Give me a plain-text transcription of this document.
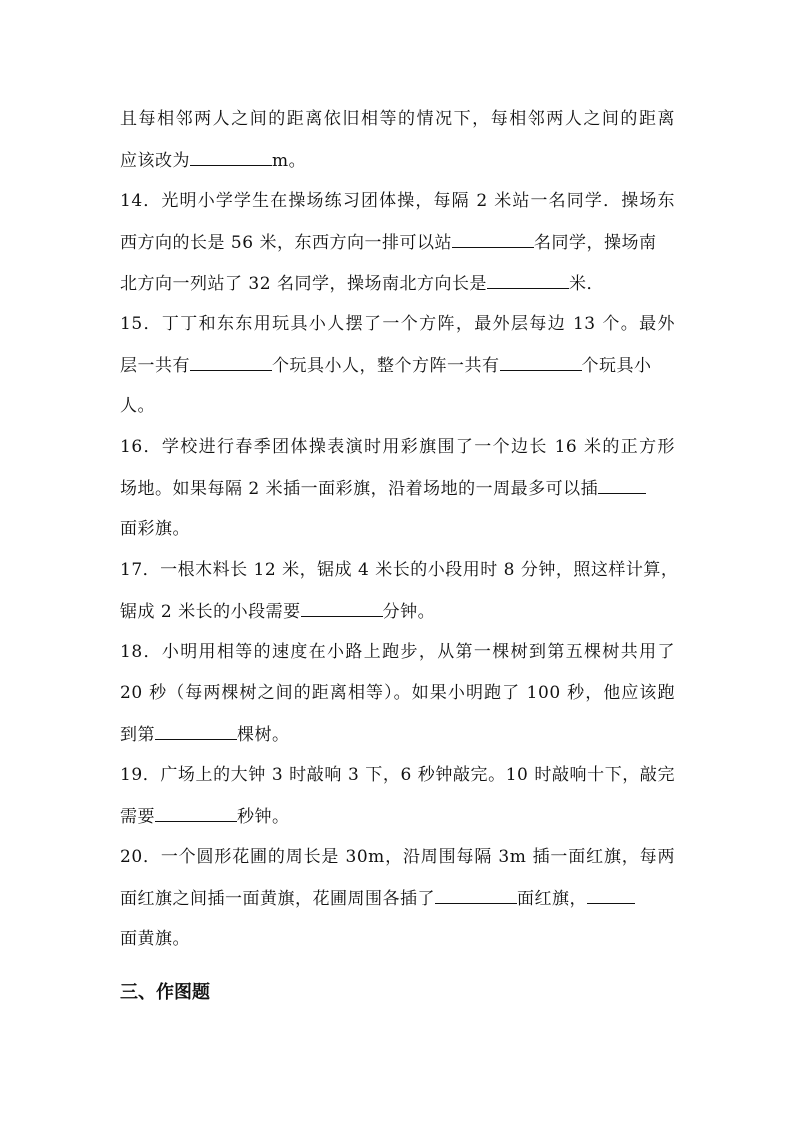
且每相邻两人之间的距离依旧相等的情况下，每相邻两人之间的距离
应该改为	m。
14．光明小学学生在操场练习团体操，每隔 2 米站一名同学．操场东
西方向的长是 56 米，东西方向一排可以站	名同学，操场南
北方向一列站了 32 名同学，操场南北方向长是	米．
15．丁丁和东东用玩具小人摆了一个方阵，最外层每边 13 个。最外
层一共有	个玩具小人，整个方阵一共有	个玩具小
人。
16．学校进行春季团体操表演时用彩旗围了一个边长 16 米的正方形
场地。如果每隔 2 米插一面彩旗，沿着场地的一周最多可以插
面彩旗。
17．一根木料长 12 米，锯成 4 米长的小段用时 8 分钟，照这样计算，
锯成 2 米长的小段需要	分钟。
18．小明用相等的速度在小路上跑步，从第一棵树到第五棵树共用了
20 秒（每两棵树之间的距离相等）。如果小明跑了 100 秒，他应该跑
到第	棵树。
19．广场上的大钟 3 时敲响 3 下，6 秒钟敲完。10 时敲响十下，敲完
需要	秒钟。
20．一个圆形花圃的周长是 30m，沿周围每隔 3m 插一面红旗，每两
面红旗之间插一面黄旗，花圃周围各插了	面红旗，
面黄旗。
三、作图题
